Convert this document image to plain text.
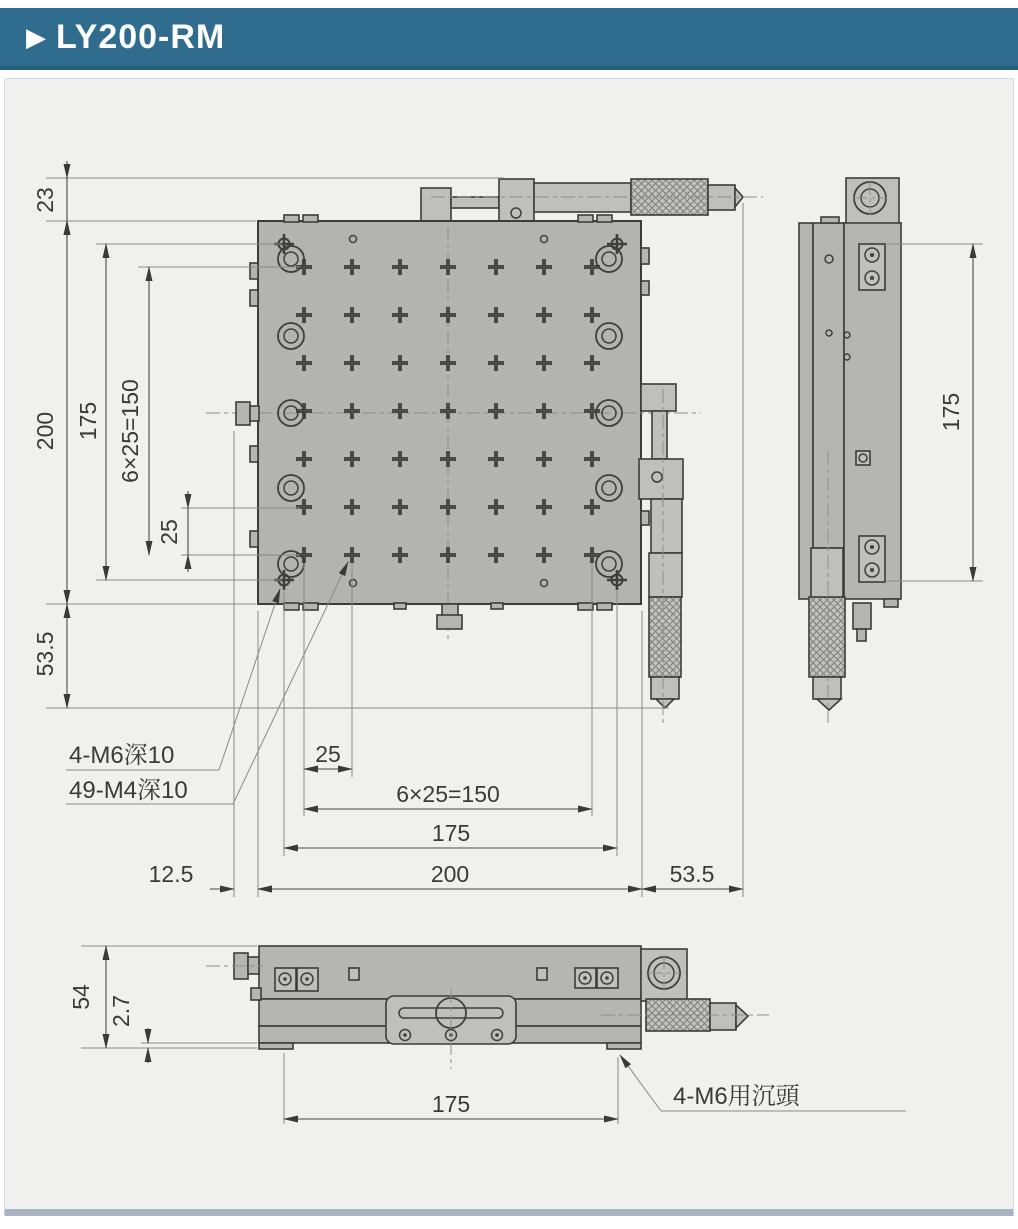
▶ LY200-RM
23
200 175 6×25=150
25
53.5
25
6×25=150
175
200
12.5	53.5
4-M6深10
49-M4深10
175
54 2.7
175	4-M6用沉頭
